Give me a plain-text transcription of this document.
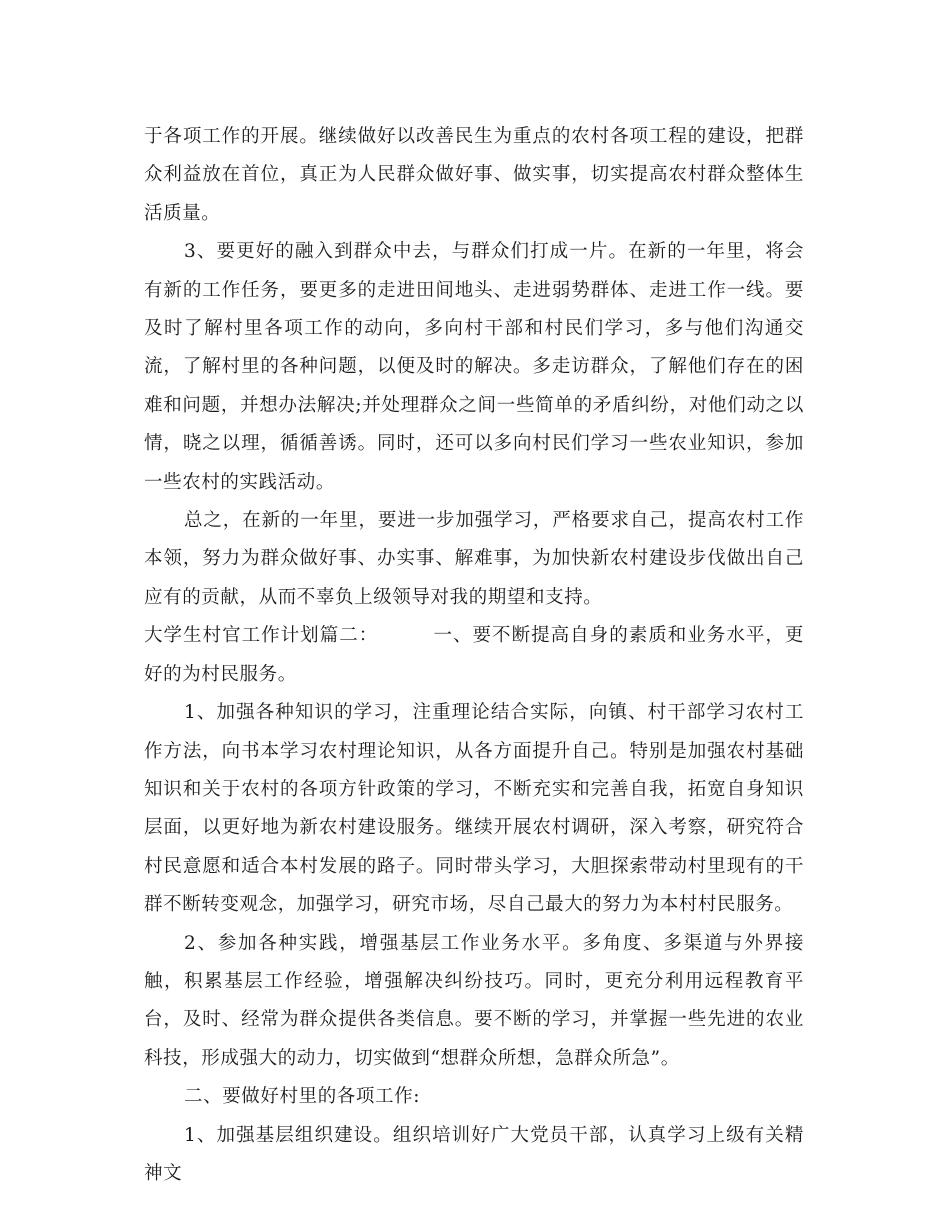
于各项工作的开展。继续做好以改善民生为重点的农村各项工程的建设，把群众利益放在首位，真正为人民群众做好事、做实事，切实提高农村群众整体生活质量。

3、要更好的融入到群众中去，与群众们打成一片。在新的一年里，将会有新的工作任务，要更多的走进田间地头、走进弱势群体、走进工作一线。要及时了解村里各项工作的动向，多向村干部和村民们学习，多与他们沟通交流，了解村里的各种问题，以便及时的解决。多走访群众，了解他们存在的困难和问题，并想办法解决;并处理群众之间一些简单的矛盾纠纷，对他们动之以情，晓之以理，循循善诱。同时，还可以多向村民们学习一些农业知识，参加一些农村的实践活动。

总之，在新的一年里，要进一步加强学习，严格要求自己，提高农村工作本领，努力为群众做好事、办实事、解难事，为加快新农村建设步伐做出自己应有的贡献，从而不辜负上级领导对我的期望和支持。

大学生村官工作计划篇二：        一、要不断提高自身的素质和业务水平，更好的为村民服务。

1、加强各种知识的学习，注重理论结合实际，向镇、村干部学习农村工作方法，向书本学习农村理论知识，从各方面提升自己。特别是加强农村基础知识和关于农村的各项方针政策的学习，不断充实和完善自我，拓宽自身知识层面，以更好地为新农村建设服务。继续开展农村调研，深入考察，研究符合村民意愿和适合本村发展的路子。同时带头学习，大胆探索带动村里现有的干群不断转变观念，加强学习，研究市场，尽自己最大的努力为本村村民服务。

2、参加各种实践，增强基层工作业务水平。多角度、多渠道与外界接触，积累基层工作经验，增强解决纠纷技巧。同时，更充分利用远程教育平台，及时、经常为群众提供各类信息。要不断的学习，并掌握一些先进的农业科技，形成强大的动力，切实做到“想群众所想，急群众所急”。

二、要做好村里的各项工作:

1、加强基层组织建设。组织培训好广大党员干部，认真学习上级有关精神文
